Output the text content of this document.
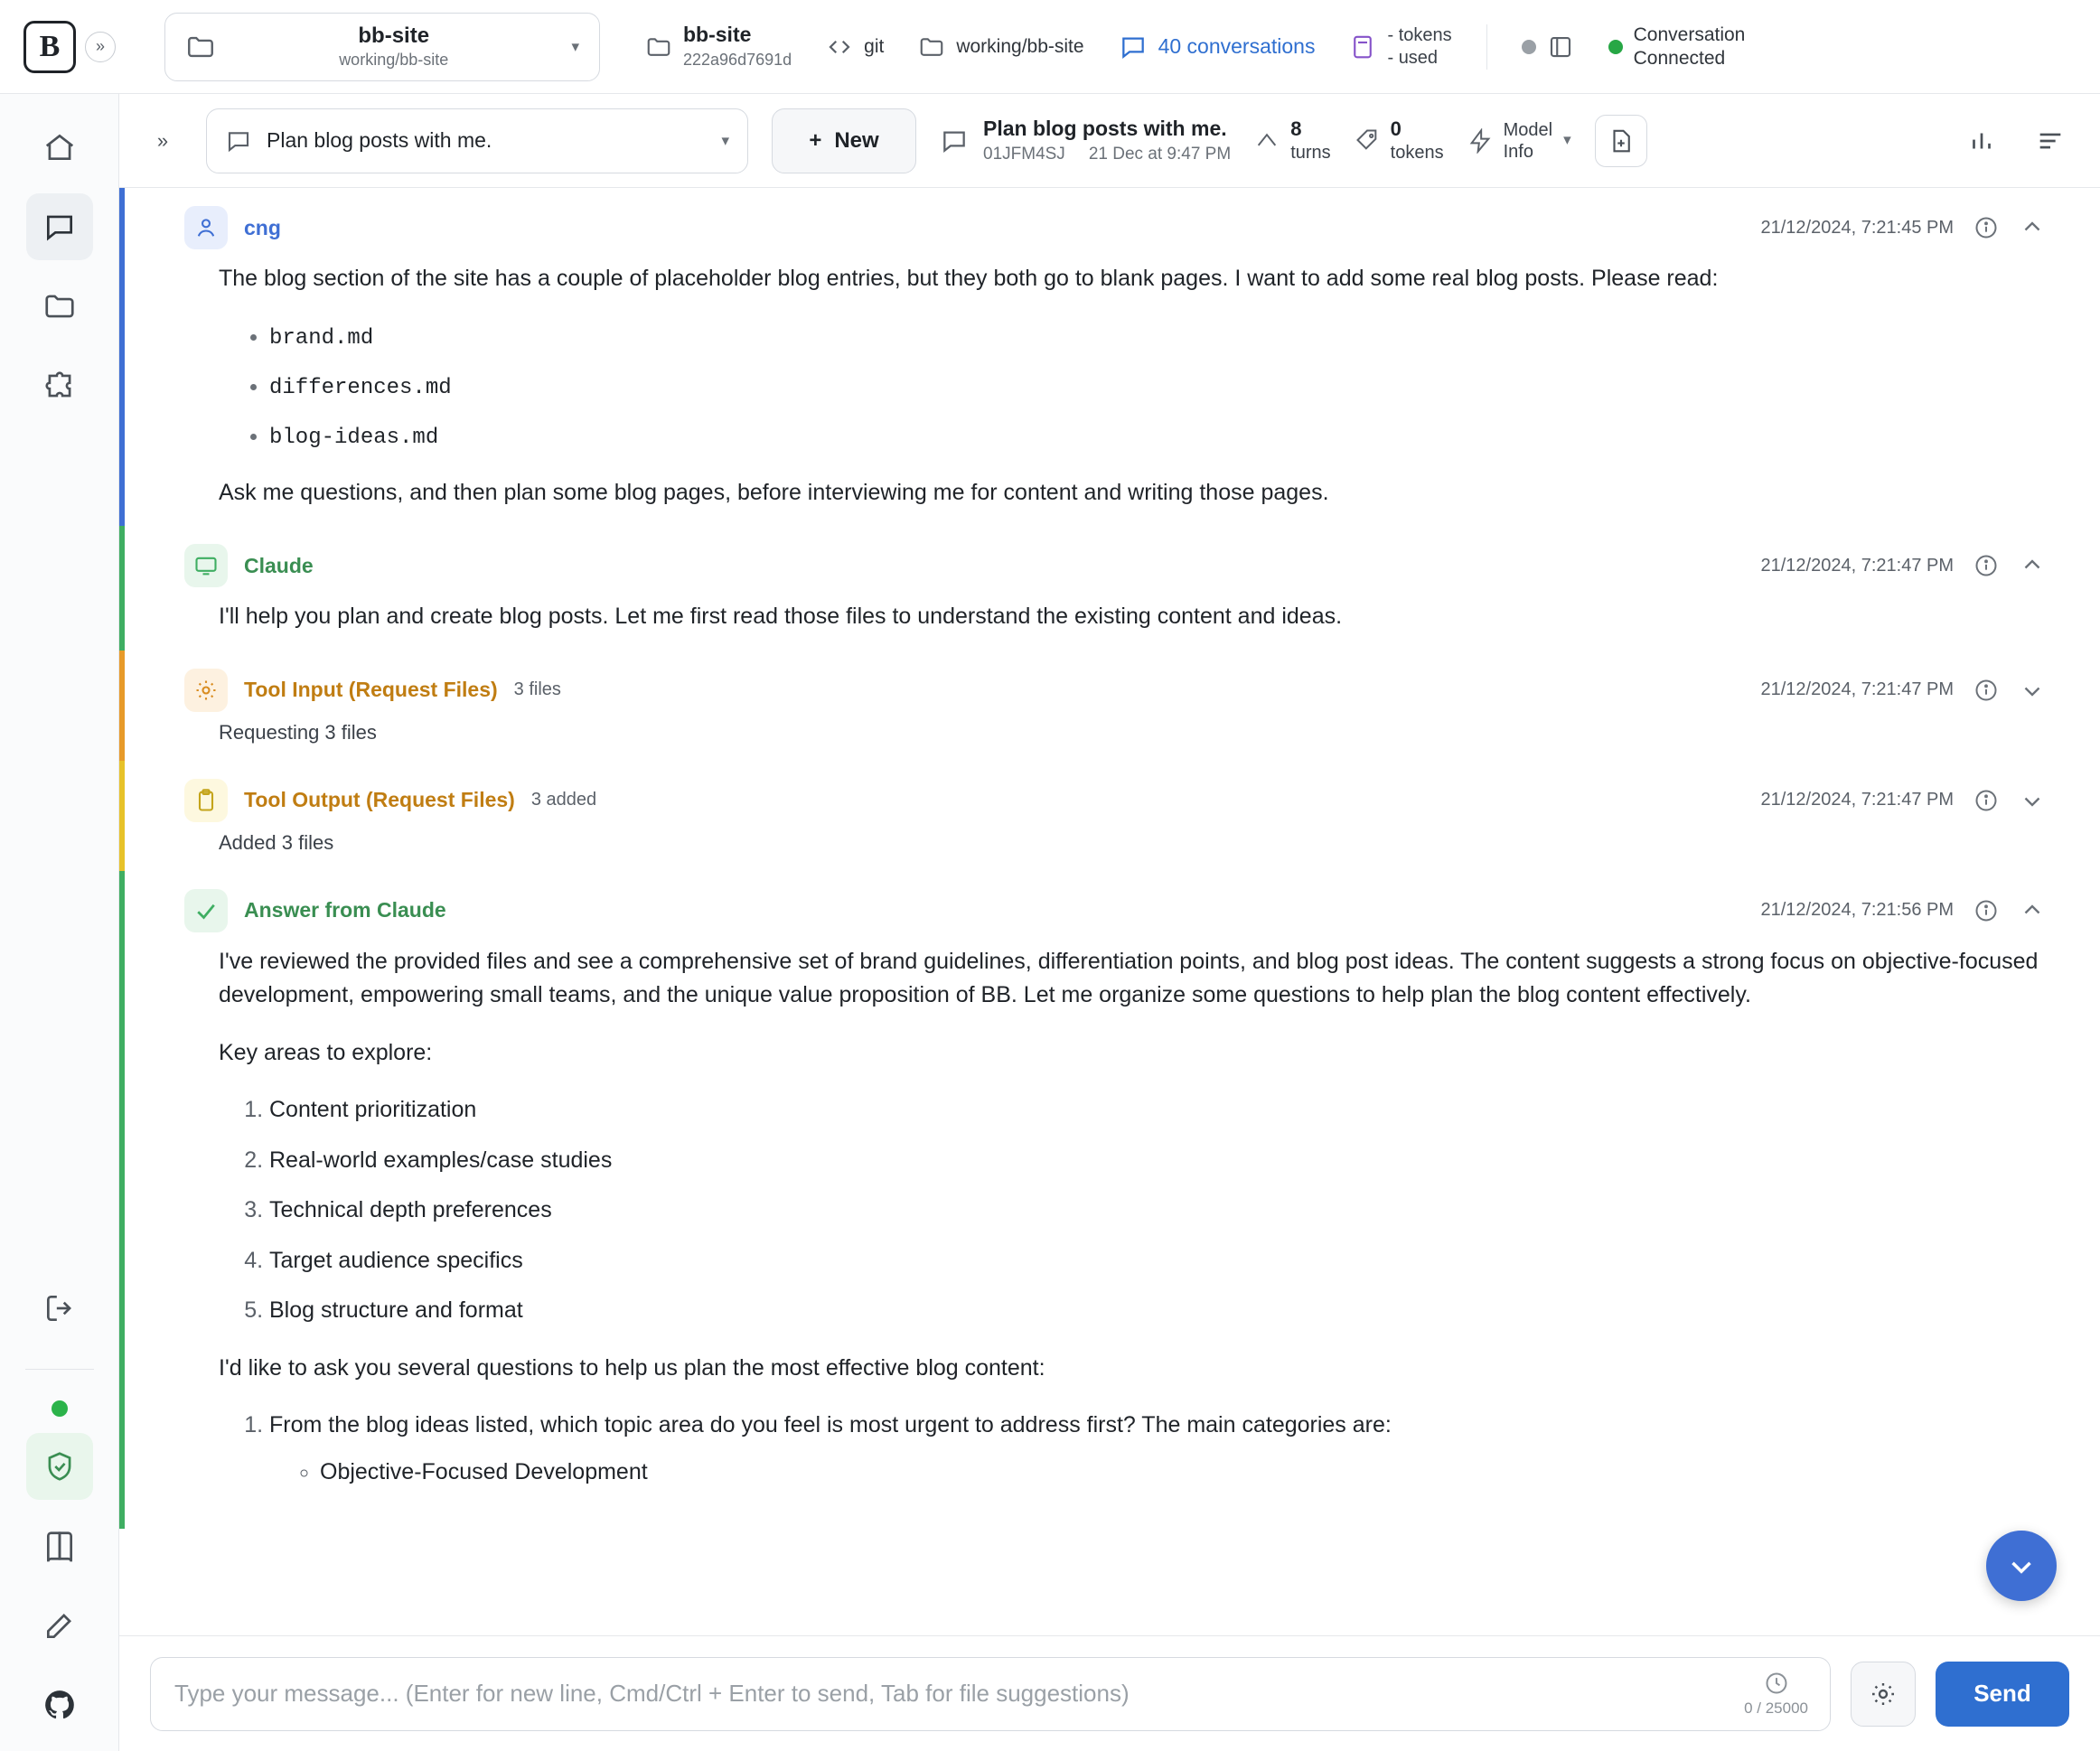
B	»	bb-site
working/bb-site
▾	bb-site
222a96d7691d
git	working/bb-site	40 conversations	- tokens
- used
Conversation
Connected
»	Plan blog posts with me.	▾	+ New	Plan blog posts with me.
01JFM4SJ 21 Dec at 9:47 PM
8
turns
0
tokens
Model
Info
▾
cng	21/12/2024, 7:21:45 PM

The blog section of the site has a couple of placeholder blog entries, but they both go to blank pages. I want to add some real blog posts. Please read:

• brand.md
• differences.md
• blog-ideas.md

Ask me questions, and then plan some blog pages, before interviewing me for content and writing those pages.

Claude	21/12/2024, 7:21:47 PM

I'll help you plan and create blog posts. Let me first read those files to understand the existing content and ideas.

Tool Input (Request Files) 3 files	21/12/2024, 7:21:47 PM
Requesting 3 files
Tool Output (Request Files) 3 added	21/12/2024, 7:21:47 PM
Added 3 files
Answer from Claude	21/12/2024, 7:21:56 PM

I've reviewed the provided files and see a comprehensive set of brand guidelines, differentiation points, and blog post ideas. The content suggests a strong focus on objective-focused development, empowering small teams, and the unique value proposition of BB. Let me organize some questions to help plan the blog content effectively.

Key areas to explore:

1. Content prioritization
2. Real-world examples/case studies
3. Technical depth preferences
4. Target audience specifics
5. Blog structure and format

I'd like to ask you several questions to help us plan the most effective blog content:

1. From the blog ideas listed, which topic area do you feel is most urgent to address first? The main categories are:
◦ Objective-Focused Development
Type your message... (Enter for new line, Cmd/Ctrl + Enter to send, Tab for file suggestions)
0 / 25000
Send
